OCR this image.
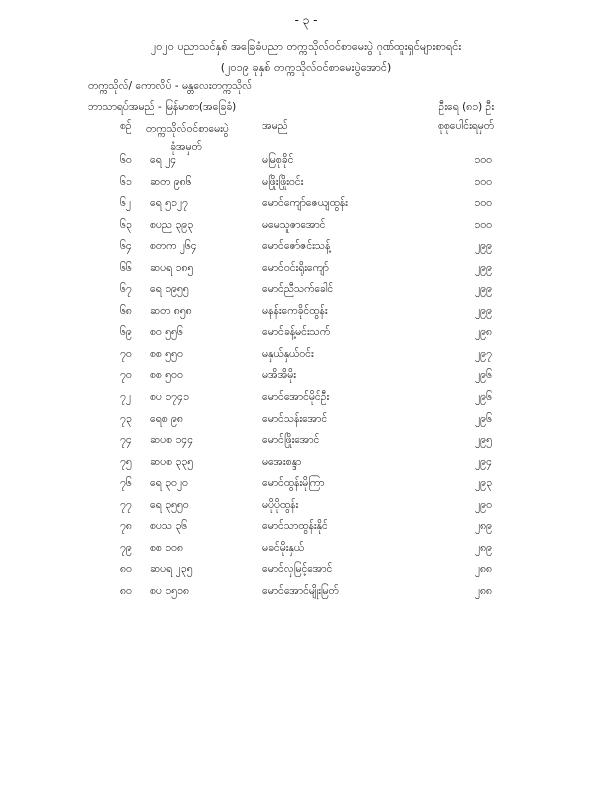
- ၃ -
၂၀၂၀ ပညာသင်နှစ် အခြေခံပညာ တက္ကသိုလ်ဝင်စာမေးပွဲ ဂုဏ်ထူးရှင်များစာရင်း
(၂၀၁၉ ခုနှစ် တက္ကသိုလ်ဝင်စာမေးပွဲအောင်)
တက္ကသိုလ်/ ကောလိပ် - မန္တလေးတက္ကသိုလ်
ဘာသာရပ်အမည် - မြန်မာစာ(အခြေခံ)	ဦးရေ (၈၁) ဦး
စဉ် တက္ကသိုလ်ဝင်စာမေးပွဲ
ခုံအမှတ်
အမည်	စုစုပေါင်းရမှတ်
၆၀ ရေ ၂၄	မမြစုခိုင်	၁၀၀
၆၁ ဆတ ၉၈၆	မဖြိုးဖြိုးဝင်း	၁၀၀
၆၂ ရေ ၅၁၂၇	မောင်ကျော်ဇေယျထွန်း	၁၀၀
၆၃ စပည ၃၉၃	မမေသူဇာအောင်	၁၀၀
၆၄ စတက ၂၆၄	မောင်ဇော်ဇင်းသန့်	၂၉၉
၆၆ ဆပရ ၁၈၅	မောင်ဝင်းရိုးကျော်	၂၉၉
၆၇ ရေ ၁၉၅၅	မောင်ညီသက်ခေါင်	၂၉၉
၆၈ ဆတ ၈၅၈	မနန်းကေခိုင်ထွန်း	၂၉၉
၆၉ စဝ ၅၅၆	မောင်ခန့်မင်းသက်	၂၉၈
၇၀ စစ ၅၅၀	မနှယ်နှယ်ဝင်း	၂၉၇
၇၀ စစ ၅၀၀	မအိအိမိုး	၂၉၆
၇၂ စပ ၁၇၄၁	မောင်အောင်မိုင်ဦး	၂၉၆
၇၃ ရေစ ၉၈	မောင်သန်းအောင်	၂၉၆
၇၄ ဆပစ ၁၄၄	မောင်ဖြိုးအောင်	၂၉၅
၇၅ ဆပစ ၃၃၅	မအေးစန္ဒာ	၂၉၄
၇၆ ရေ ၃၀၂၀	မောင်ထွန်းမိုကြာ	၂၉၃
၇၇ ရေ ၃၅၅၀	မပိုပိုထွန်း	၂၉၀
၇၈ စပသ ၃၆	မောင်သာထွန်းနိုင်	၂၈၉
၇၉ စစ ၁၀၈	မခင်မိုးနှယ်	၂၈၉
၈၀ ဆပရ ၂၃၅	မောင်လှမြင့်အောင်	၂၈၈
၈၀ စပ ၁၅၁၈	မောင်အောင်မျိုးမြတ်	၂၈၈
